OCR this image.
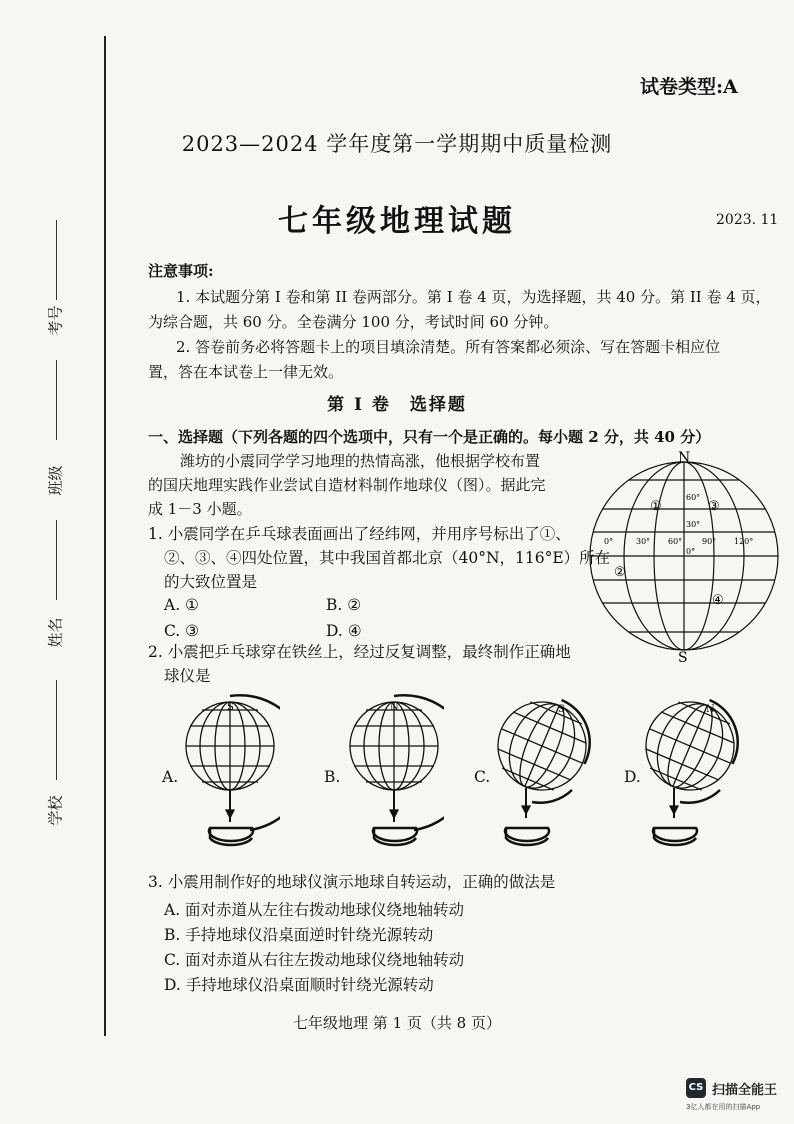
考号
班级
姓名
学校
试卷类型:A
2023—2024 学年度第一学期期中质量检测
七年级地理试题	2023. 11
注意事项:
1. 本试题分第 I 卷和第 II 卷两部分。第 I 卷 4 页，为选择题，共 40 分。第 II 卷 4 页，
为综合题，共 60 分。全卷满分 100 分，考试时间 60 分钟。
2. 答卷前务必将答题卡上的项目填涂清楚。所有答案都必须涂、写在答题卡相应位
置，答在本试卷上一律无效。
第 I 卷　选择题
一、选择题（下列各题的四个选项中，只有一个是正确的。每小题 2 分，共 40 分）
潍坊的小震同学学习地理的热情高涨，他根据学校布置
的国庆地理实践作业尝试自造材料制作地球仪（图）。据此完
成 1－3 小题。
N
S
60°
30°
0°
0°	30° 60° 90° 120°
①	③
②
④
1. 小震同学在乒乓球表面画出了经纬网，并用序号标出了①、
②、③、④四处位置，其中我国首都北京（40°N，116°E）所在
的大致位置是
A. ①	B. ②
C. ③	D. ④
2. 小震把乒乓球穿在铁丝上，经过反复调整，最终制作正确地
球仪是
A.	B.	C.	D.
S	N	S	N
3. 小震用制作好的地球仪演示地球自转运动，正确的做法是
A. 面对赤道从左往右拨动地球仪绕地轴转动
B. 手持地球仪沿桌面逆时针绕光源转动
C. 面对赤道从右往左拨动地球仪绕地轴转动
D. 手持地球仪沿桌面顺时针绕光源转动
七年级地理 第 1 页（共 8 页）
CS 扫描全能王
3亿人都在用的扫描App
